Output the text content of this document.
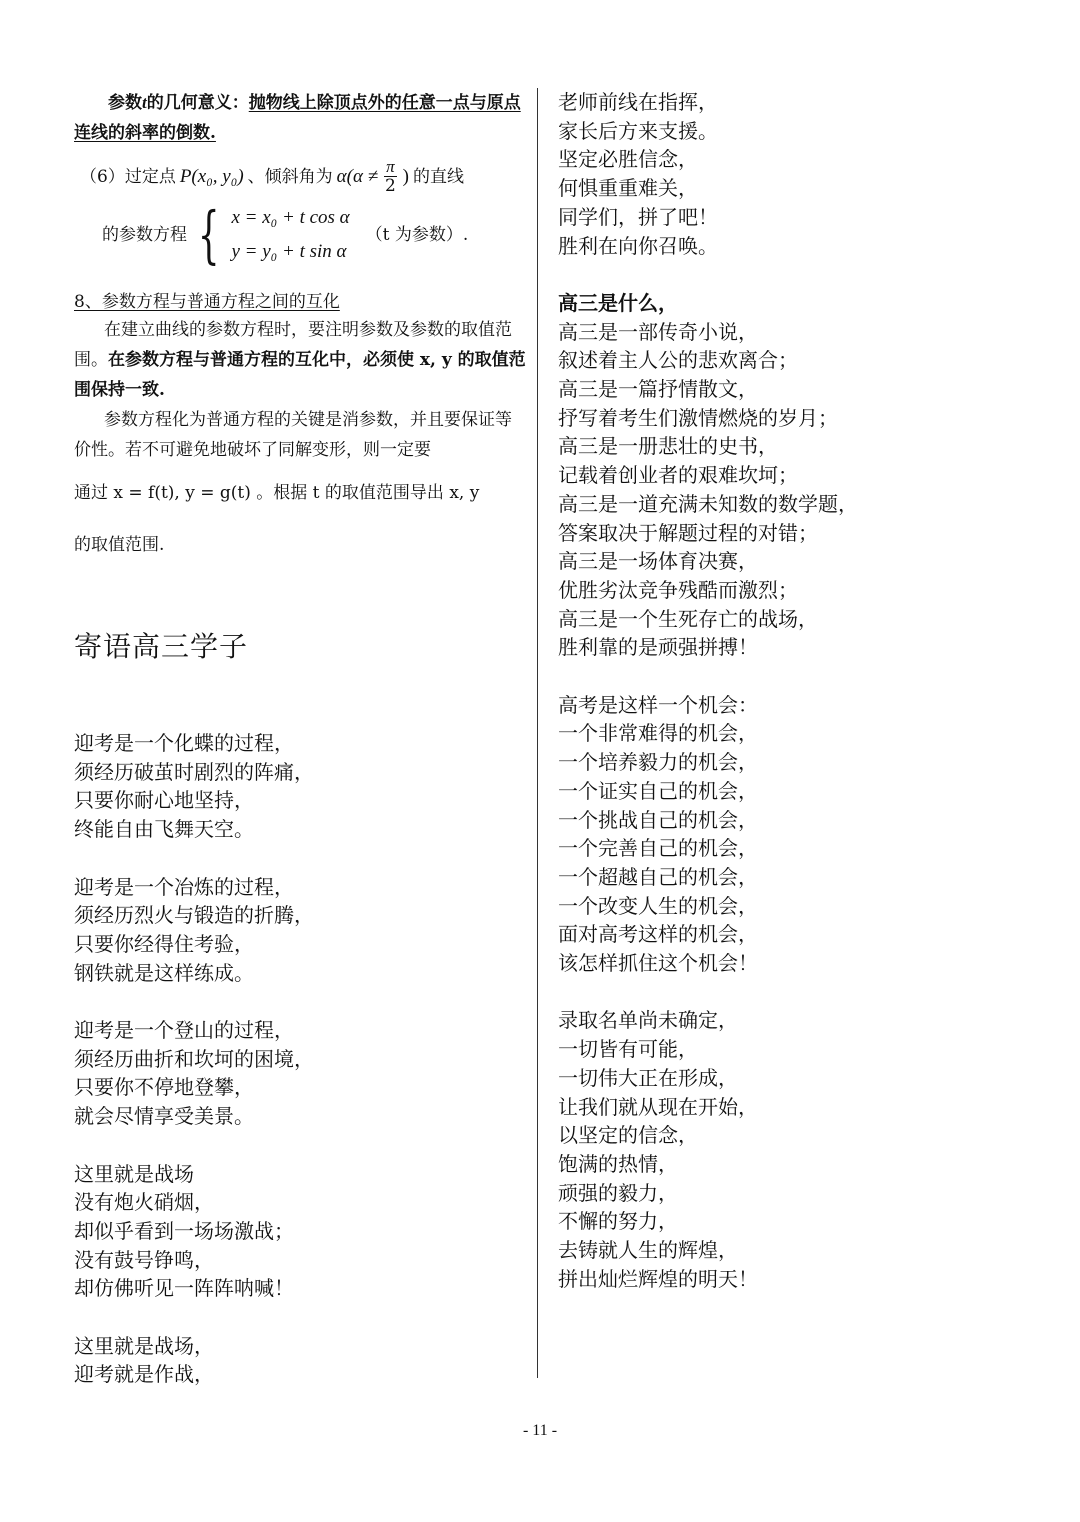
参数t的几何意义：抛物线上除顶点外的任意一点与原点连线的斜率的倒数.
（6）过定点 P(x₀, y₀) 、倾斜角为 $\alpha(\alpha \ne \frac{\pi}{2}$ ) 的直线
的参数方程 { x = x₀ + t cos α
y = y₀ + t sin α
（t 为参数）.
8、参数方程与普通方程之间的互化

在建立曲线的参数方程时，要注明参数及参数的取值范围。在参数方程与普通方程的互化中，必须使 x, y 的取值范围保持一致.

参数方程化为普通方程的关键是消参数，并且要保证等价性。若不可避免地破坏了同解变形，则一定要

通过 x = f(t), y = g(t) 。根据 t 的取值范围导出 x, y

的取值范围.

寄语高三学子
迎考是一个化蝶的过程，
须经历破茧时剧烈的阵痛，
只要你耐心地坚持，
终能自由飞舞天空。
迎考是一个冶炼的过程，
须经历烈火与锻造的折腾，
只要你经得住考验，
钢铁就是这样练成。
迎考是一个登山的过程，
须经历曲折和坎坷的困境，
只要你不停地登攀，
就会尽情享受美景。
这里就是战场
没有炮火硝烟，
却似乎看到一场场激战；
没有鼓号铮鸣，
却仿佛听见一阵阵呐喊！
这里就是战场，
迎考就是作战，
老师前线在指挥，
家长后方来支援。
坚定必胜信念，
何惧重重难关，
同学们，拼了吧！
胜利在向你召唤。
高三是什么，
高三是一部传奇小说，
叙述着主人公的悲欢离合；
高三是一篇抒情散文，
抒写着考生们激情燃烧的岁月；
高三是一册悲壮的史书，
记载着创业者的艰难坎坷；
高三是一道充满未知数的数学题，
答案取决于解题过程的对错；
高三是一场体育决赛，
优胜劣汰竞争残酷而激烈；
高三是一个生死存亡的战场，
胜利靠的是顽强拼搏！
高考是这样一个机会：
一个非常难得的机会，
一个培养毅力的机会，
一个证实自己的机会，
一个挑战自己的机会，
一个完善自己的机会，
一个超越自己的机会，
一个改变人生的机会，
面对高考这样的机会，
该怎样抓住这个机会！
录取名单尚未确定，
一切皆有可能，
一切伟大正在形成，
让我们就从现在开始，
以坚定的信念，
饱满的热情，
顽强的毅力，
不懈的努力，
去铸就人生的辉煌，
拼出灿烂辉煌的明天！
- 11 -
